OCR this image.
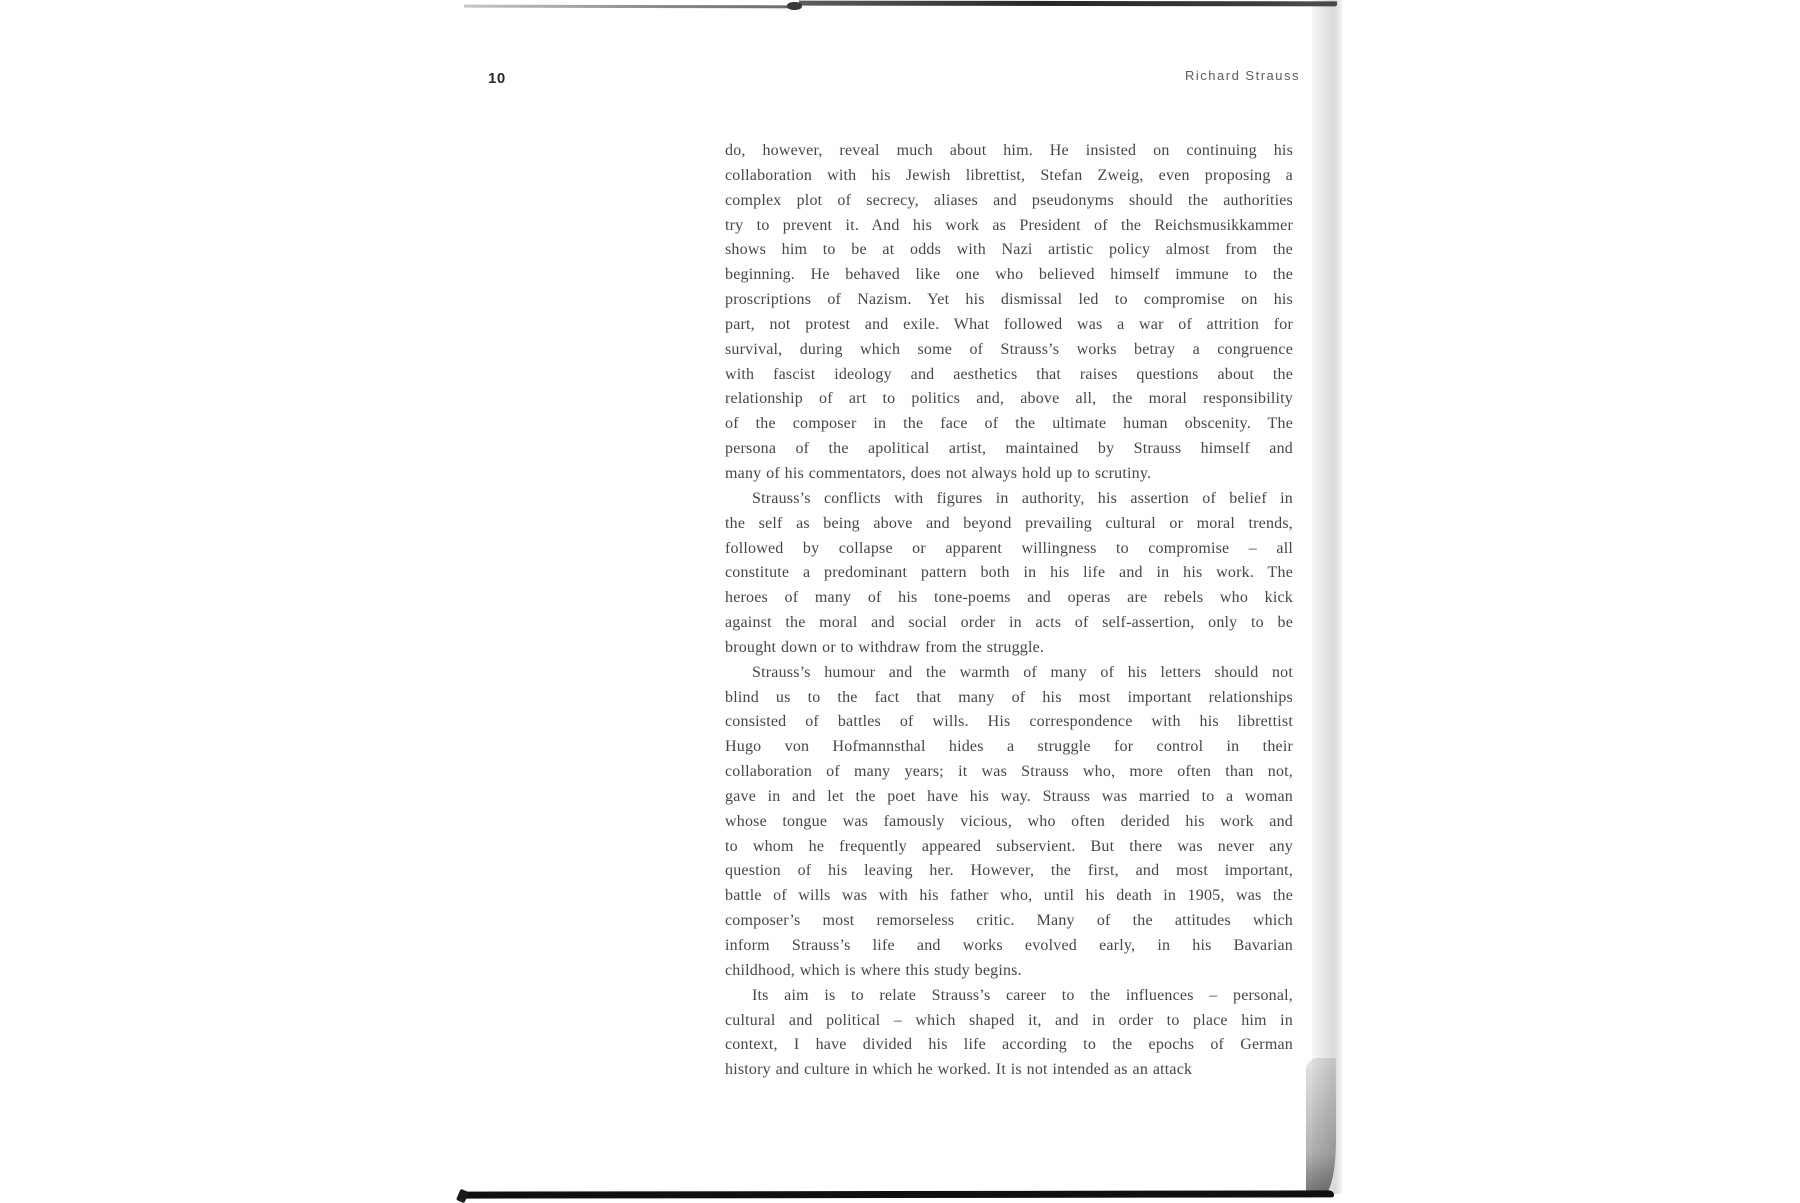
10	Richard Strauss
do, however, reveal much about him. He insisted on continuing his
collaboration with his Jewish librettist, Stefan Zweig, even proposing a
complex plot of secrecy, aliases and pseudonyms should the authorities
try to prevent it. And his work as President of the Reichsmusikkammer
shows him to be at odds with Nazi artistic policy almost from the
beginning. He behaved like one who believed himself immune to the
proscriptions of Nazism. Yet his dismissal led to compromise on his
part, not protest and exile. What followed was a war of attrition for
survival, during which some of Strauss’s works betray a congruence
with fascist ideology and aesthetics that raises questions about the
relationship of art to politics and, above all, the moral responsibility
of the composer in the face of the ultimate human obscenity. The
persona of the apolitical artist, maintained by Strauss himself and
many of his commentators, does not always hold up to scrutiny.
Strauss’s conflicts with figures in authority, his assertion of belief in
the self as being above and beyond prevailing cultural or moral trends,
followed by collapse or apparent willingness to compromise – all
constitute a predominant pattern both in his life and in his work. The
heroes of many of his tone-poems and operas are rebels who kick
against the moral and social order in acts of self-assertion, only to be
brought down or to withdraw from the struggle.
Strauss’s humour and the warmth of many of his letters should not
blind us to the fact that many of his most important relationships
consisted of battles of wills. His correspondence with his librettist
Hugo von Hofmannsthal hides a struggle for control in their
collaboration of many years; it was Strauss who, more often than not,
gave in and let the poet have his way. Strauss was married to a woman
whose tongue was famously vicious, who often derided his work and
to whom he frequently appeared subservient. But there was never any
question of his leaving her. However, the first, and most important,
battle of wills was with his father who, until his death in 1905, was the
composer’s most remorseless critic. Many of the attitudes which
inform Strauss’s life and works evolved early, in his Bavarian
childhood, which is where this study begins.
Its aim is to relate Strauss’s career to the influences – personal,
cultural and political – which shaped it, and in order to place him in
context, I have divided his life according to the epochs of German
history and culture in which he worked. It is not intended as an attack
